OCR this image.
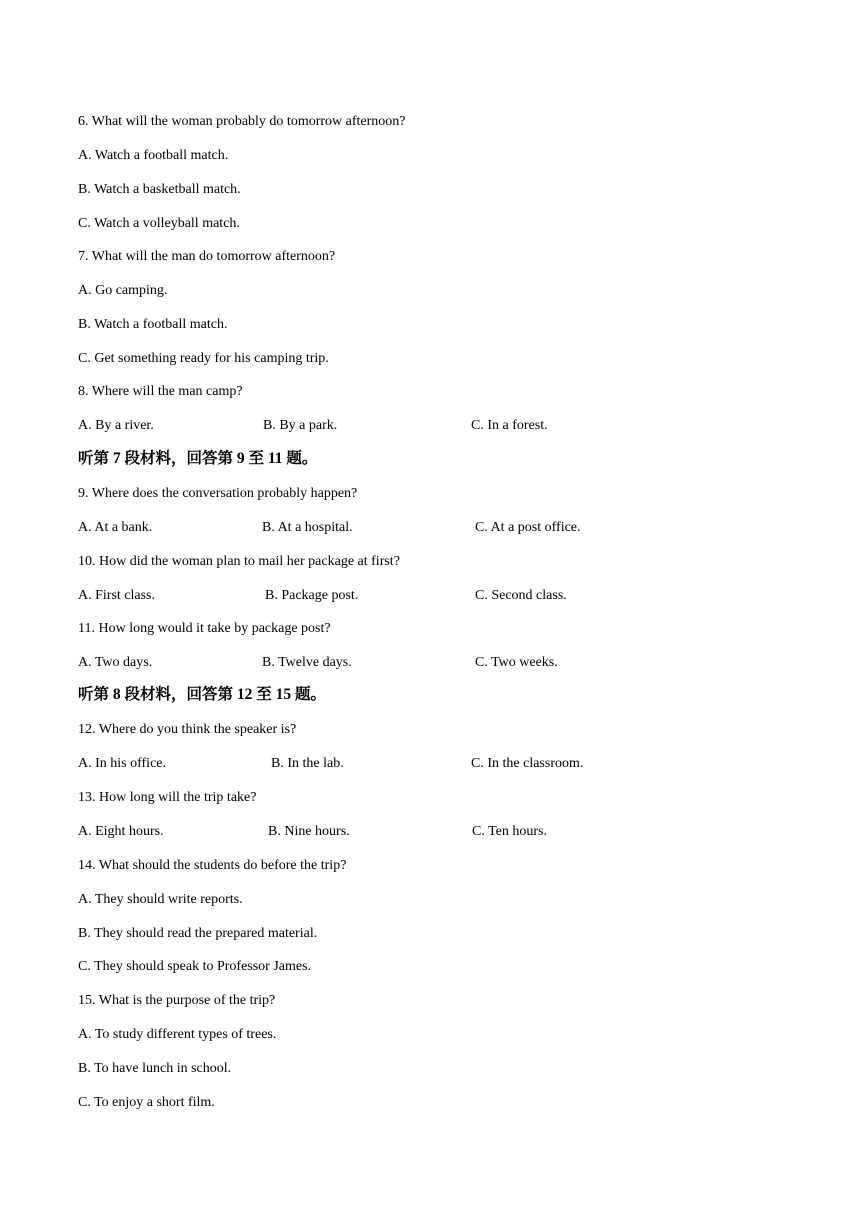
6. What will the woman probably do tomorrow afternoon?
A. Watch a football match.
B. Watch a basketball match.
C. Watch a volleyball match.
7. What will the man do tomorrow afternoon?
A. Go camping.
B. Watch a football match.
C. Get something ready for his camping trip.
8. Where will the man camp?
A. By a river.	B. By a park.	C. In a forest.
听第 7 段材料，回答第 9 至 11 题。
9. Where does the conversation probably happen?
A. At a bank.	B. At a hospital.	C. At a post office.
10. How did the woman plan to mail her package at first?
A. First class.	B. Package post.	C. Second class.
11. How long would it take by package post?
A. Two days.	B. Twelve days.	C. Two weeks.
听第 8 段材料，回答第 12 至 15 题。
12. Where do you think the speaker is?
A. In his office.	B. In the lab.	C. In the classroom.
13. How long will the trip take?
A. Eight hours.	B. Nine hours.	C. Ten hours.
14. What should the students do before the trip?
A. They should write reports.
B. They should read the prepared material.
C. They should speak to Professor James.
15. What is the purpose of the trip?
A. To study different types of trees.
B. To have lunch in school.
C. To enjoy a short film.
